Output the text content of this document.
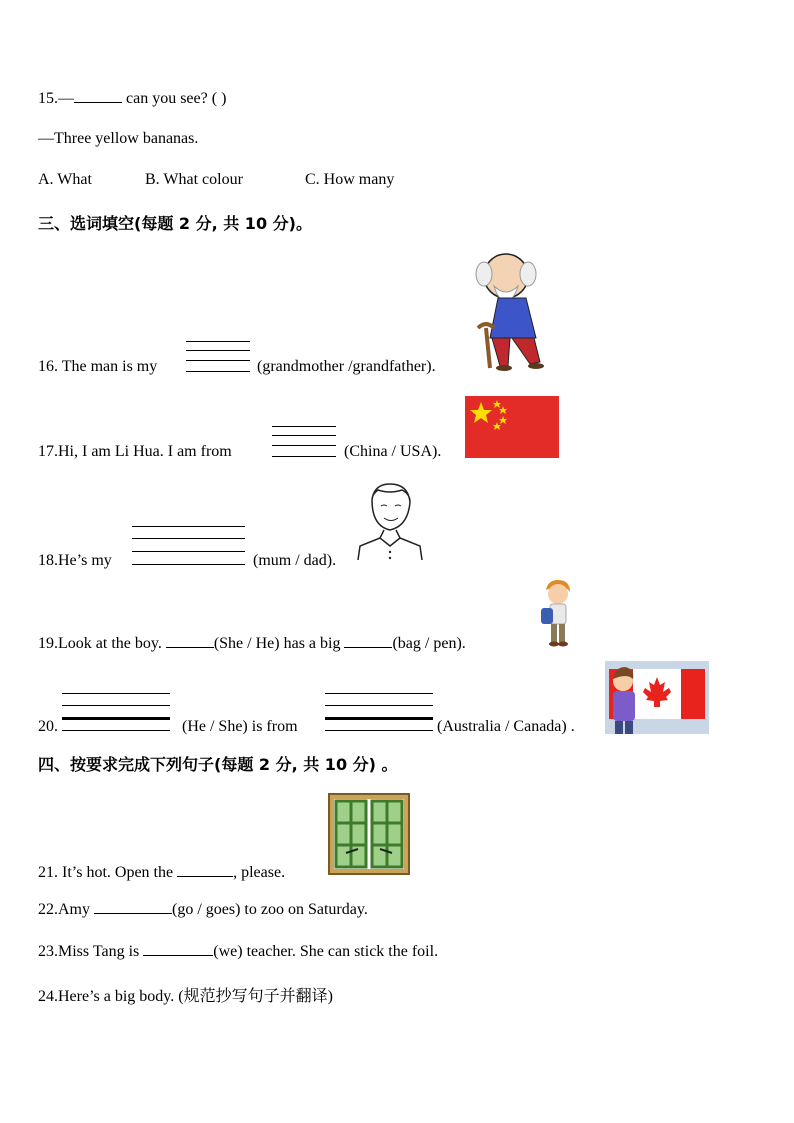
15.—	can you see? ( )
—Three yellow bananas.
A. What	B. What colour	C. How many
三、选词填空(每题 2 分, 共 10 分)。
16. The man is my	(grandmother /grandfather).
17.Hi, I am Li Hua. I am from	(China / USA).
18.He’s my	(mum / dad).
19.Look at the boy.	(She / He) has a big	(bag / pen).
20.	(He / She) is from	(Australia / Canada) .
四、按要求完成下列句子(每题 2 分, 共 10 分) 。
21. It’s hot. Open the	, please.
22.Amy	(go / goes) to zoo on Saturday.
23.Miss Tang is	(we) teacher. She can stick the foil.
24.Here’s a big body. (规范抄写句子并翻译)
